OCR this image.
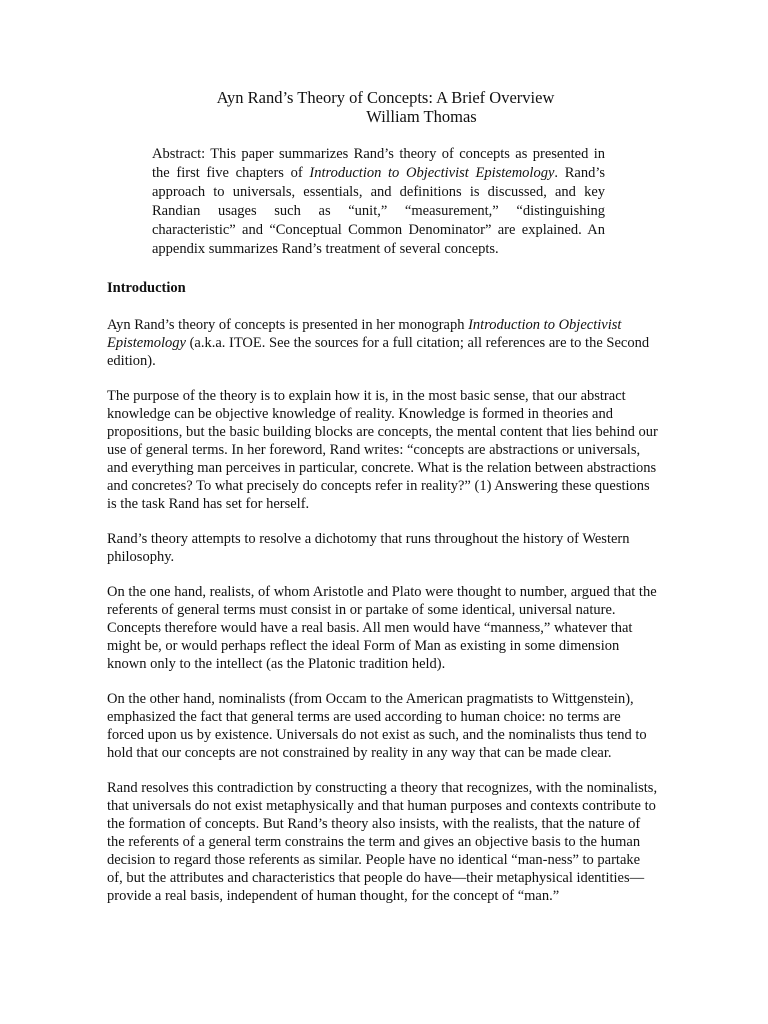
Ayn Rand’s Theory of Concepts: A Brief Overview
William Thomas
Abstract: This paper summarizes Rand’s theory of concepts as presented in the first five chapters of Introduction to Objectivist Epistemology. Rand’s approach to universals, essentials, and definitions is discussed, and key Randian usages such as “unit,” “measurement,” “distinguishing characteristic” and “Conceptual Common Denominator” are explained. An appendix summarizes Rand’s treatment of several concepts.
Introduction

Ayn Rand’s theory of concepts is presented in her monograph Introduction to Objectivist Epistemology (a.k.a. ITOE. See the sources for a full citation; all references are to the Second edition).

The purpose of the theory is to explain how it is, in the most basic sense, that our abstract knowledge can be objective knowledge of reality. Knowledge is formed in theories and propositions, but the basic building blocks are concepts, the mental content that lies behind our use of general terms. In her foreword, Rand writes: “concepts are abstractions or universals, and everything man perceives in particular, concrete. What is the relation between abstractions and concretes? To what precisely do concepts refer in reality?” (1) Answering these questions is the task Rand has set for herself.

Rand’s theory attempts to resolve a dichotomy that runs throughout the history of Western philosophy.

On the one hand, realists, of whom Aristotle and Plato were thought to number, argued that the referents of general terms must consist in or partake of some identical, universal nature. Concepts therefore would have a real basis. All men would have “manness,” whatever that might be, or would perhaps reflect the ideal Form of Man as existing in some dimension known only to the intellect (as the Platonic tradition held).

On the other hand, nominalists (from Occam to the American pragmatists to Wittgenstein), emphasized the fact that general terms are used according to human choice: no terms are forced upon us by existence. Universals do not exist as such, and the nominalists thus tend to hold that our concepts are not constrained by reality in any way that can be made clear.

Rand resolves this contradiction by constructing a theory that recognizes, with the nominalists, that universals do not exist metaphysically and that human purposes and contexts contribute to the formation of concepts. But Rand’s theory also insists, with the realists, that the nature of the referents of a general term constrains the term and gives an objective basis to the human decision to regard those referents as similar. People have no identical “man-ness” to partake of, but the attributes and characteristics that people do have—their metaphysical identities—provide a real basis, independent of human thought, for the concept of “man.”
